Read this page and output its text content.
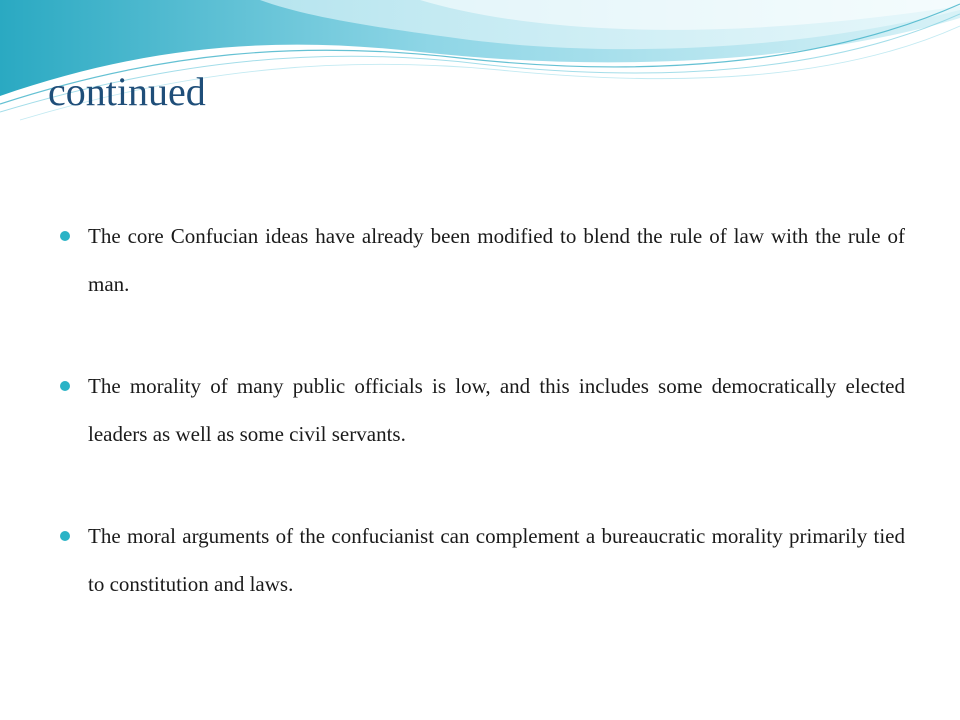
continued
The core Confucian ideas have already been modified to blend the rule of law with the rule of man.
The morality of many public officials is low, and this includes some democratically elected leaders as well as some civil servants.
The moral arguments of the confucianist can complement a bureaucratic morality primarily tied to constitution and laws.
